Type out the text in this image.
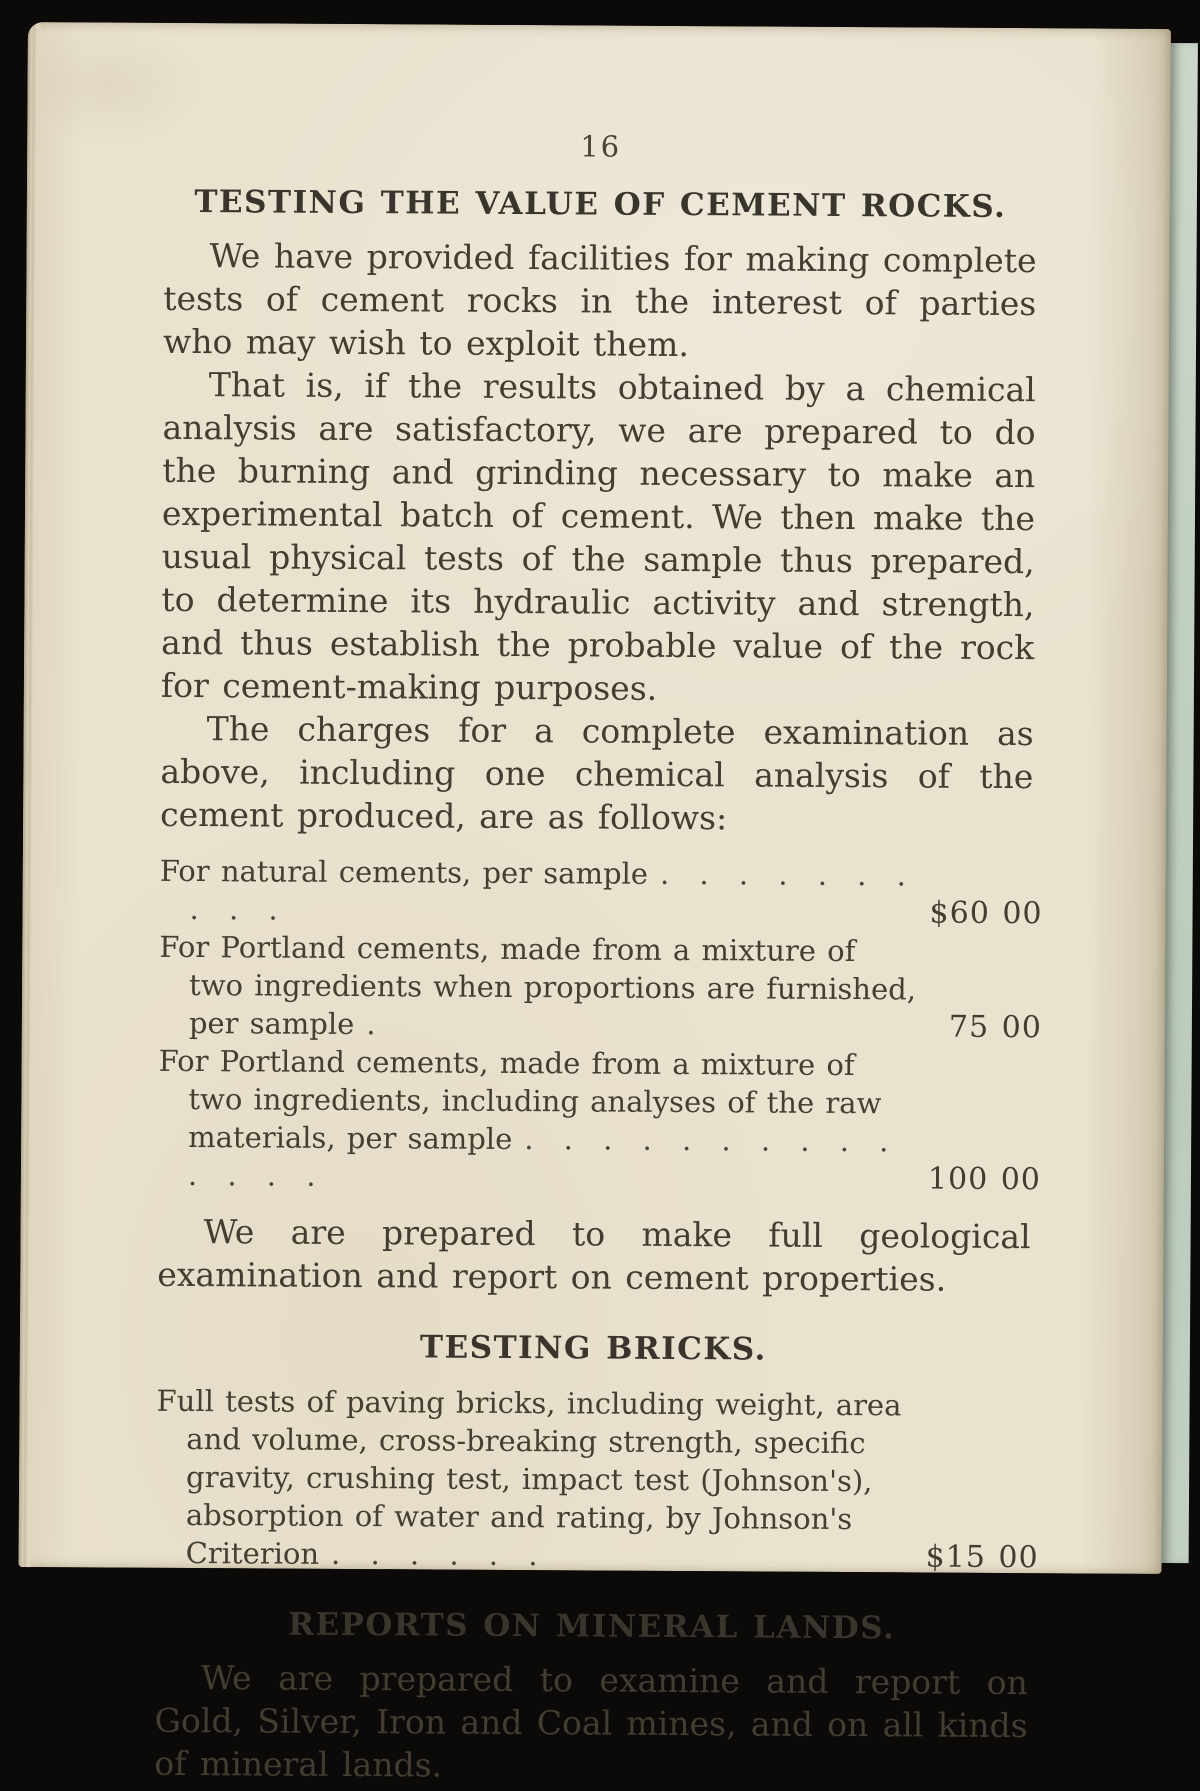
16
TESTING THE VALUE OF CEMENT ROCKS.

We have provided facilities for making complete tests of cement rocks in the interest of parties who may wish to exploit them.

That is, if the results obtained by a chemical analysis are satisfactory, we are prepared to do the burning and grinding necessary to make an experimental batch of cement. We then make the usual physical tests of the sample thus prepared, to determine its hydraulic activity and strength, and thus establish the probable value of the rock for cement-making purposes.

The charges for a complete examination as above, including one chemical analysis of the cement produced, are as follows:

For natural cements, per sample . . . . . . . . . .	$60 00
For Portland cements, made from a mixture of two ingredients when proportions are furnished, per sample .	75 00
For Portland cements, made from a mixture of two ingredients, including analyses of the raw materials, per sample . . . . . . . . . . . . . .	100 00

We are prepared to make full geological examination and report on cement properties.

TESTING BRICKS.
Full tests of paving bricks, including weight, area and volume, cross-breaking strength, specific gravity, crushing test, impact test (Johnson's), absorption of water and rating, by Johnson's Criterion . . . . . .	$15 00
REPORTS ON MINERAL LANDS.

We are prepared to examine and report on Gold, Silver, Iron and Coal mines, and on all kinds of mineral lands.
